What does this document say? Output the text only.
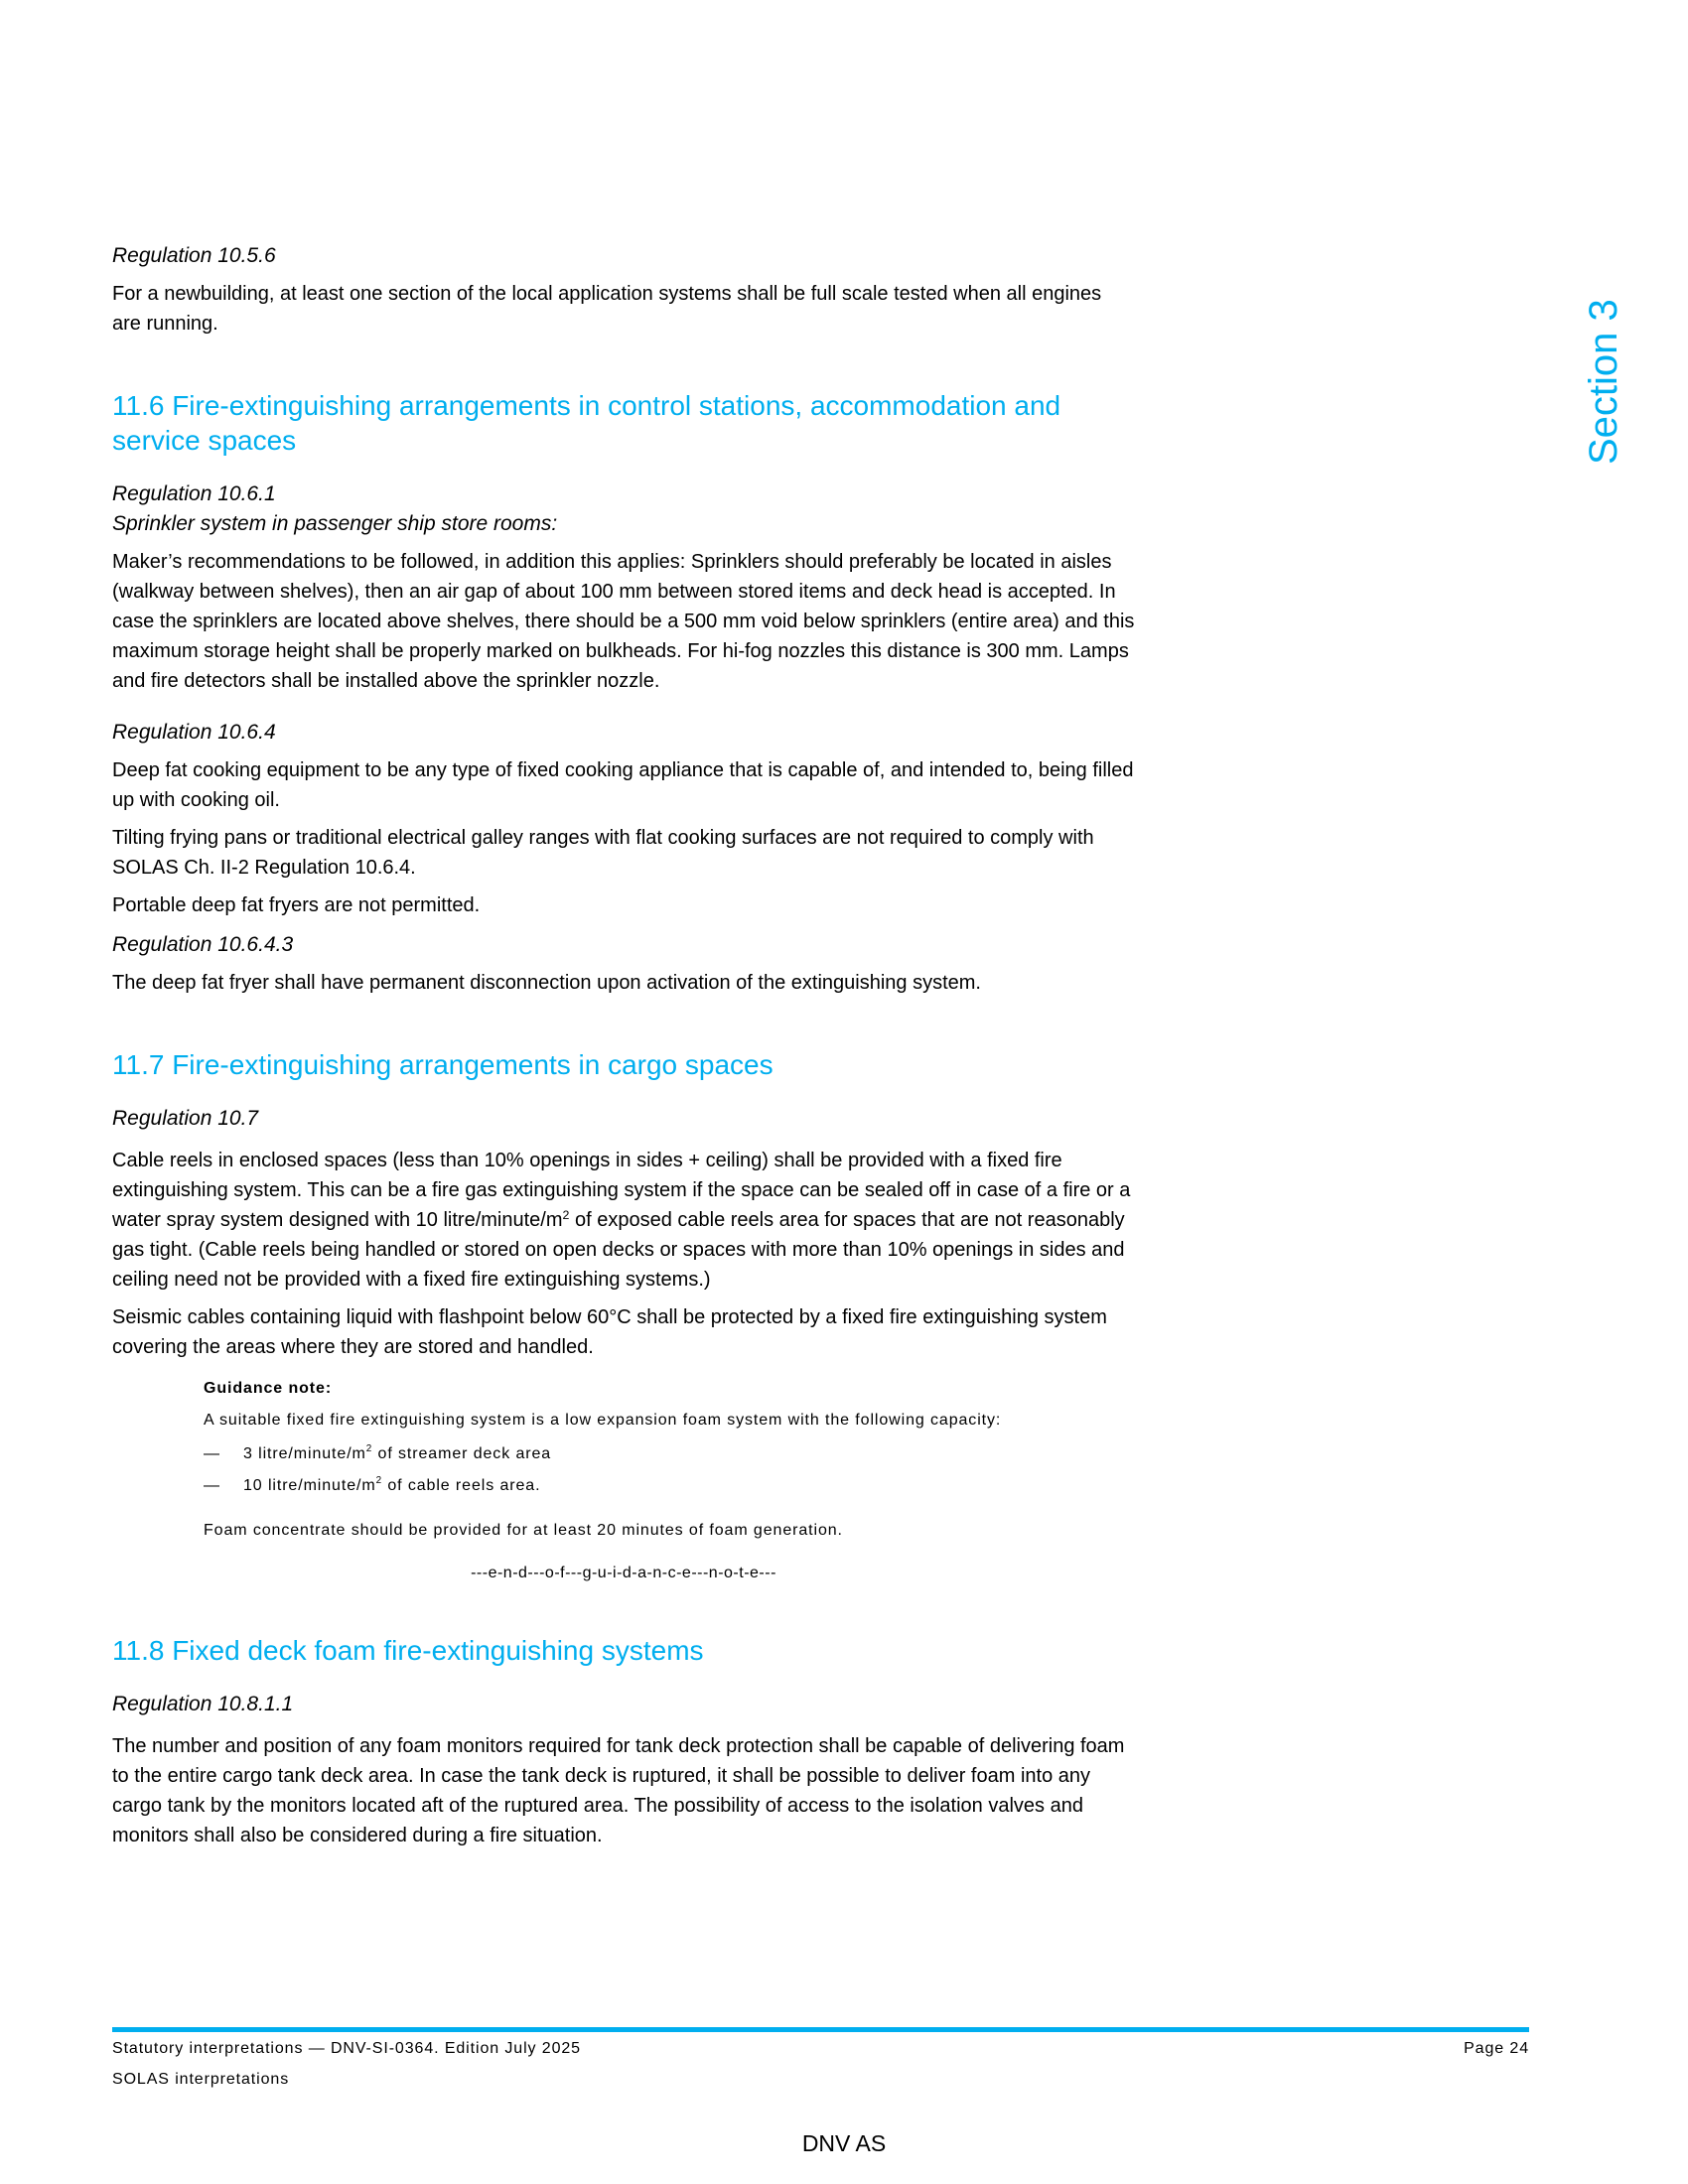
Regulation 10.5.6

For a newbuilding, at least one section of the local application systems shall be full scale tested when all engines are running.

11.6 Fire-extinguishing arrangements in control stations, accommodation and service spaces

Regulation 10.6.1

Sprinkler system in passenger ship store rooms:

Maker’s recommendations to be followed, in addition this applies: Sprinklers should preferably be located in aisles (walkway between shelves), then an air gap of about 100 mm between stored items and deck head is accepted. In case the sprinklers are located above shelves, there should be a 500 mm void below sprinklers (entire area) and this maximum storage height shall be properly marked on bulkheads. For hi-fog nozzles this distance is 300 mm. Lamps and fire detectors shall be installed above the sprinkler nozzle.

Regulation 10.6.4

Deep fat cooking equipment to be any type of fixed cooking appliance that is capable of, and intended to, being filled up with cooking oil.

Tilting frying pans or traditional electrical galley ranges with flat cooking surfaces are not required to comply with SOLAS Ch. II-2 Regulation 10.6.4.

Portable deep fat fryers are not permitted.

Regulation 10.6.4.3

The deep fat fryer shall have permanent disconnection upon activation of the extinguishing system.

11.7 Fire-extinguishing arrangements in cargo spaces

Regulation 10.7

Cable reels in enclosed spaces (less than 10% openings in sides + ceiling) shall be provided with a fixed fire extinguishing system. This can be a fire gas extinguishing system if the space can be sealed off in case of a fire or a water spray system designed with 10 litre/$minute/m^2$ of exposed cable reels area for spaces that are not reasonably gas tight. (Cable reels being handled or stored on open decks or spaces with more than 10% openings in sides and ceiling need not be provided with a fixed fire extinguishing systems.)

Seismic cables containing liquid with flashpoint below 60°C shall be protected by a fixed fire extinguishing system covering the areas where they are stored and handled.

Guidance note:

A suitable fixed fire extinguishing system is a low expansion foam system with the following capacity:

—	3 litre/$minute/m^2$ of streamer deck area
—	10 litre/$minute/m^2$ of cable reels area.

Foam concentrate should be provided for at least 20 minutes of foam generation.

---e-n-d---o-f---g-u-i-d-a-n-c-e---n-o-t-e---

11.8 Fixed deck foam fire-extinguishing systems

Regulation 10.8.1.1

The number and position of any foam monitors required for tank deck protection shall be capable of delivering foam to the entire cargo tank deck area. In case the tank deck is ruptured, it shall be possible to deliver foam into any cargo tank by the monitors located aft of the ruptured area. The possibility of access to the isolation valves and monitors shall also be considered during a fire situation.

Section 3
Statutory interpretations — DNV-SI-0364. Edition July 2025
SOLAS interpretations
Page 24
DNV AS
